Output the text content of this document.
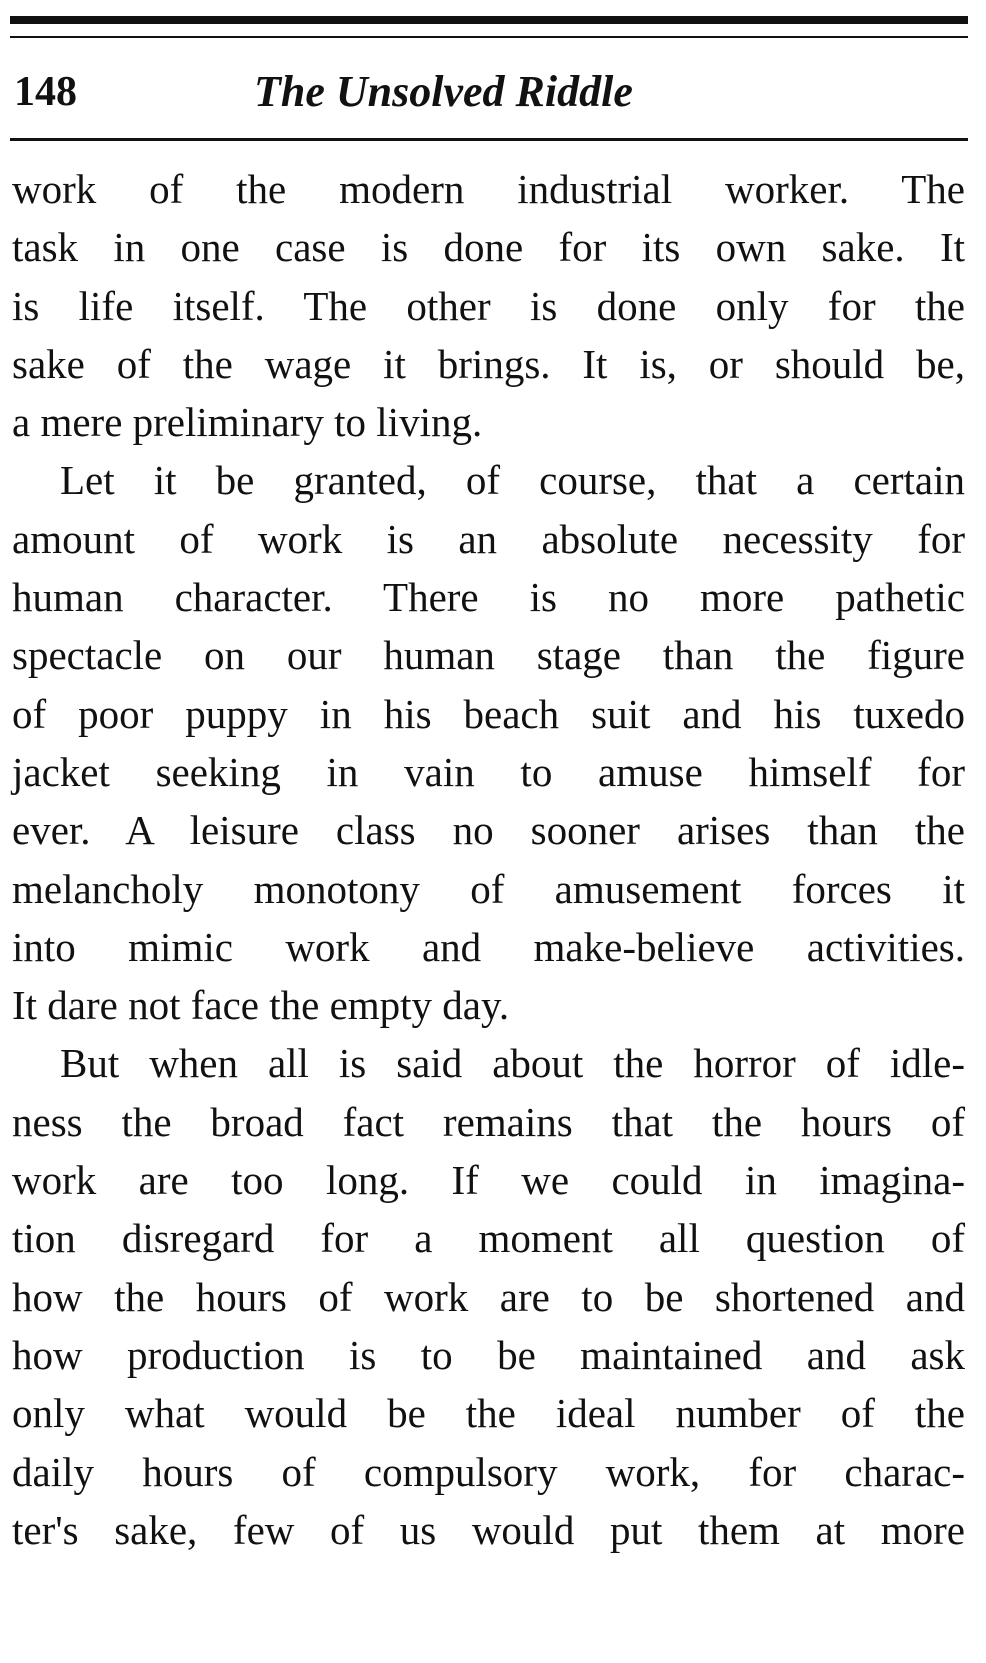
148	The Unsolved Riddle
work of the modern industrial worker. The
task in one case is done for its own sake. It
is life itself. The other is done only for the
sake of the wage it brings. It is, or should be,
a mere preliminary to living.
Let it be granted, of course, that a certain
amount of work is an absolute necessity for
human character. There is no more pathetic
spectacle on our human stage than the figure
of poor puppy in his beach suit and his tuxedo
jacket seeking in vain to amuse himself for
ever. A leisure class no sooner arises than the
melancholy monotony of amusement forces it
into mimic work and make-believe activities.
It dare not face the empty day.
But when all is said about the horror of idle-
ness the broad fact remains that the hours of
work are too long. If we could in imagina-
tion disregard for a moment all question of
how the hours of work are to be shortened and
how production is to be maintained and ask
only what would be the ideal number of the
daily hours of compulsory work, for charac-
ter's sake, few of us would put them at more
